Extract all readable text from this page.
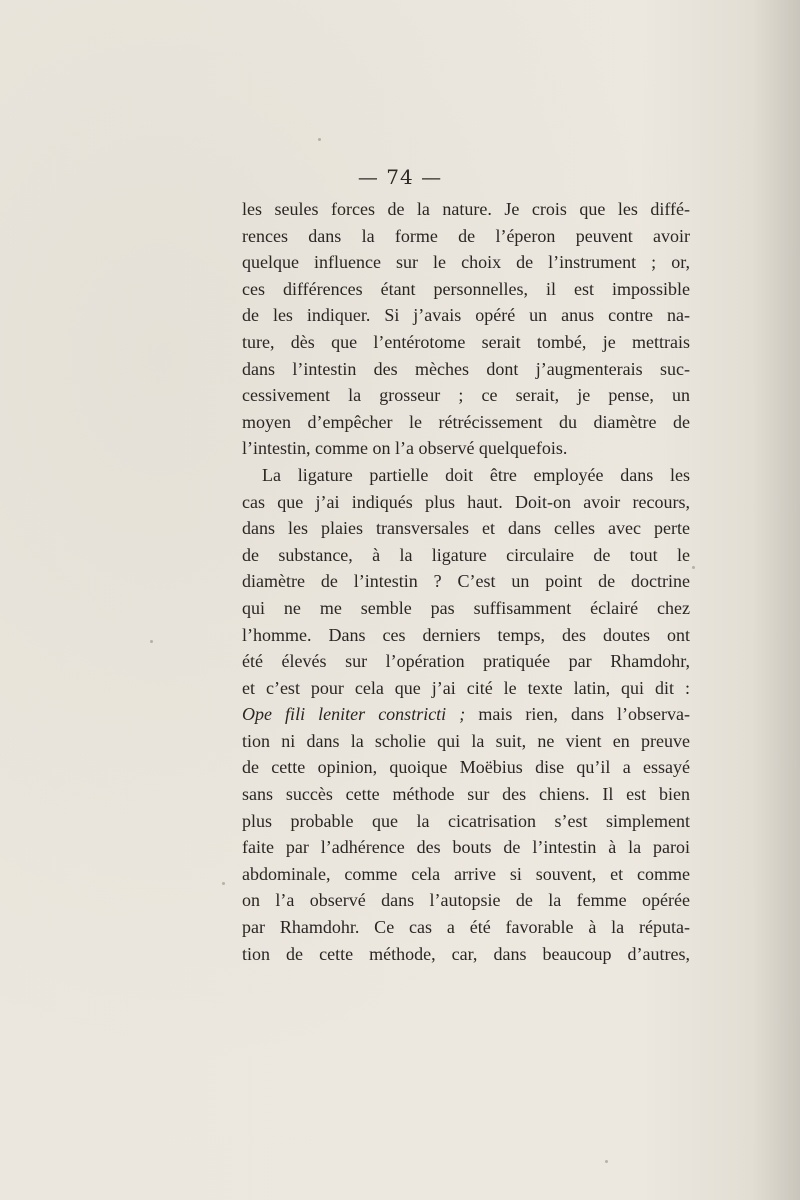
— 74 —
les seules forces de la nature. Je crois que les diffé-
rences dans la forme de l’éperon peuvent avoir
quelque influence sur le choix de l’instrument ; or,
ces différences étant personnelles, il est impossible
de les indiquer. Si j’avais opéré un anus contre na-
ture, dès que l’entérotome serait tombé, je mettrais
dans l’intestin des mèches dont j’augmenterais suc-
cessivement la grosseur ; ce serait, je pense, un
moyen d’empêcher le rétrécissement du diamètre de
l’intestin, comme on l’a observé quelquefois.
La ligature partielle doit être employée dans les
cas que j’ai indiqués plus haut. Doit-on avoir recours,
dans les plaies transversales et dans celles avec perte
de substance, à la ligature circulaire de tout le
diamètre de l’intestin ? C’est un point de doctrine
qui ne me semble pas suffisamment éclairé chez
l’homme. Dans ces derniers temps, des doutes ont
été élevés sur l’opération pratiquée par Rhamdohr,
et c’est pour cela que j’ai cité le texte latin, qui dit :
Ope fili leniter constricti ; mais rien, dans l’observa-
tion ni dans la scholie qui la suit, ne vient en preuve
de cette opinion, quoique Moëbius dise qu’il a essayé
sans succès cette méthode sur des chiens. Il est bien
plus probable que la cicatrisation s’est simplement
faite par l’adhérence des bouts de l’intestin à la paroi
abdominale, comme cela arrive si souvent, et comme
on l’a observé dans l’autopsie de la femme opérée
par Rhamdohr. Ce cas a été favorable à la réputa-
tion de cette méthode, car, dans beaucoup d’autres,
